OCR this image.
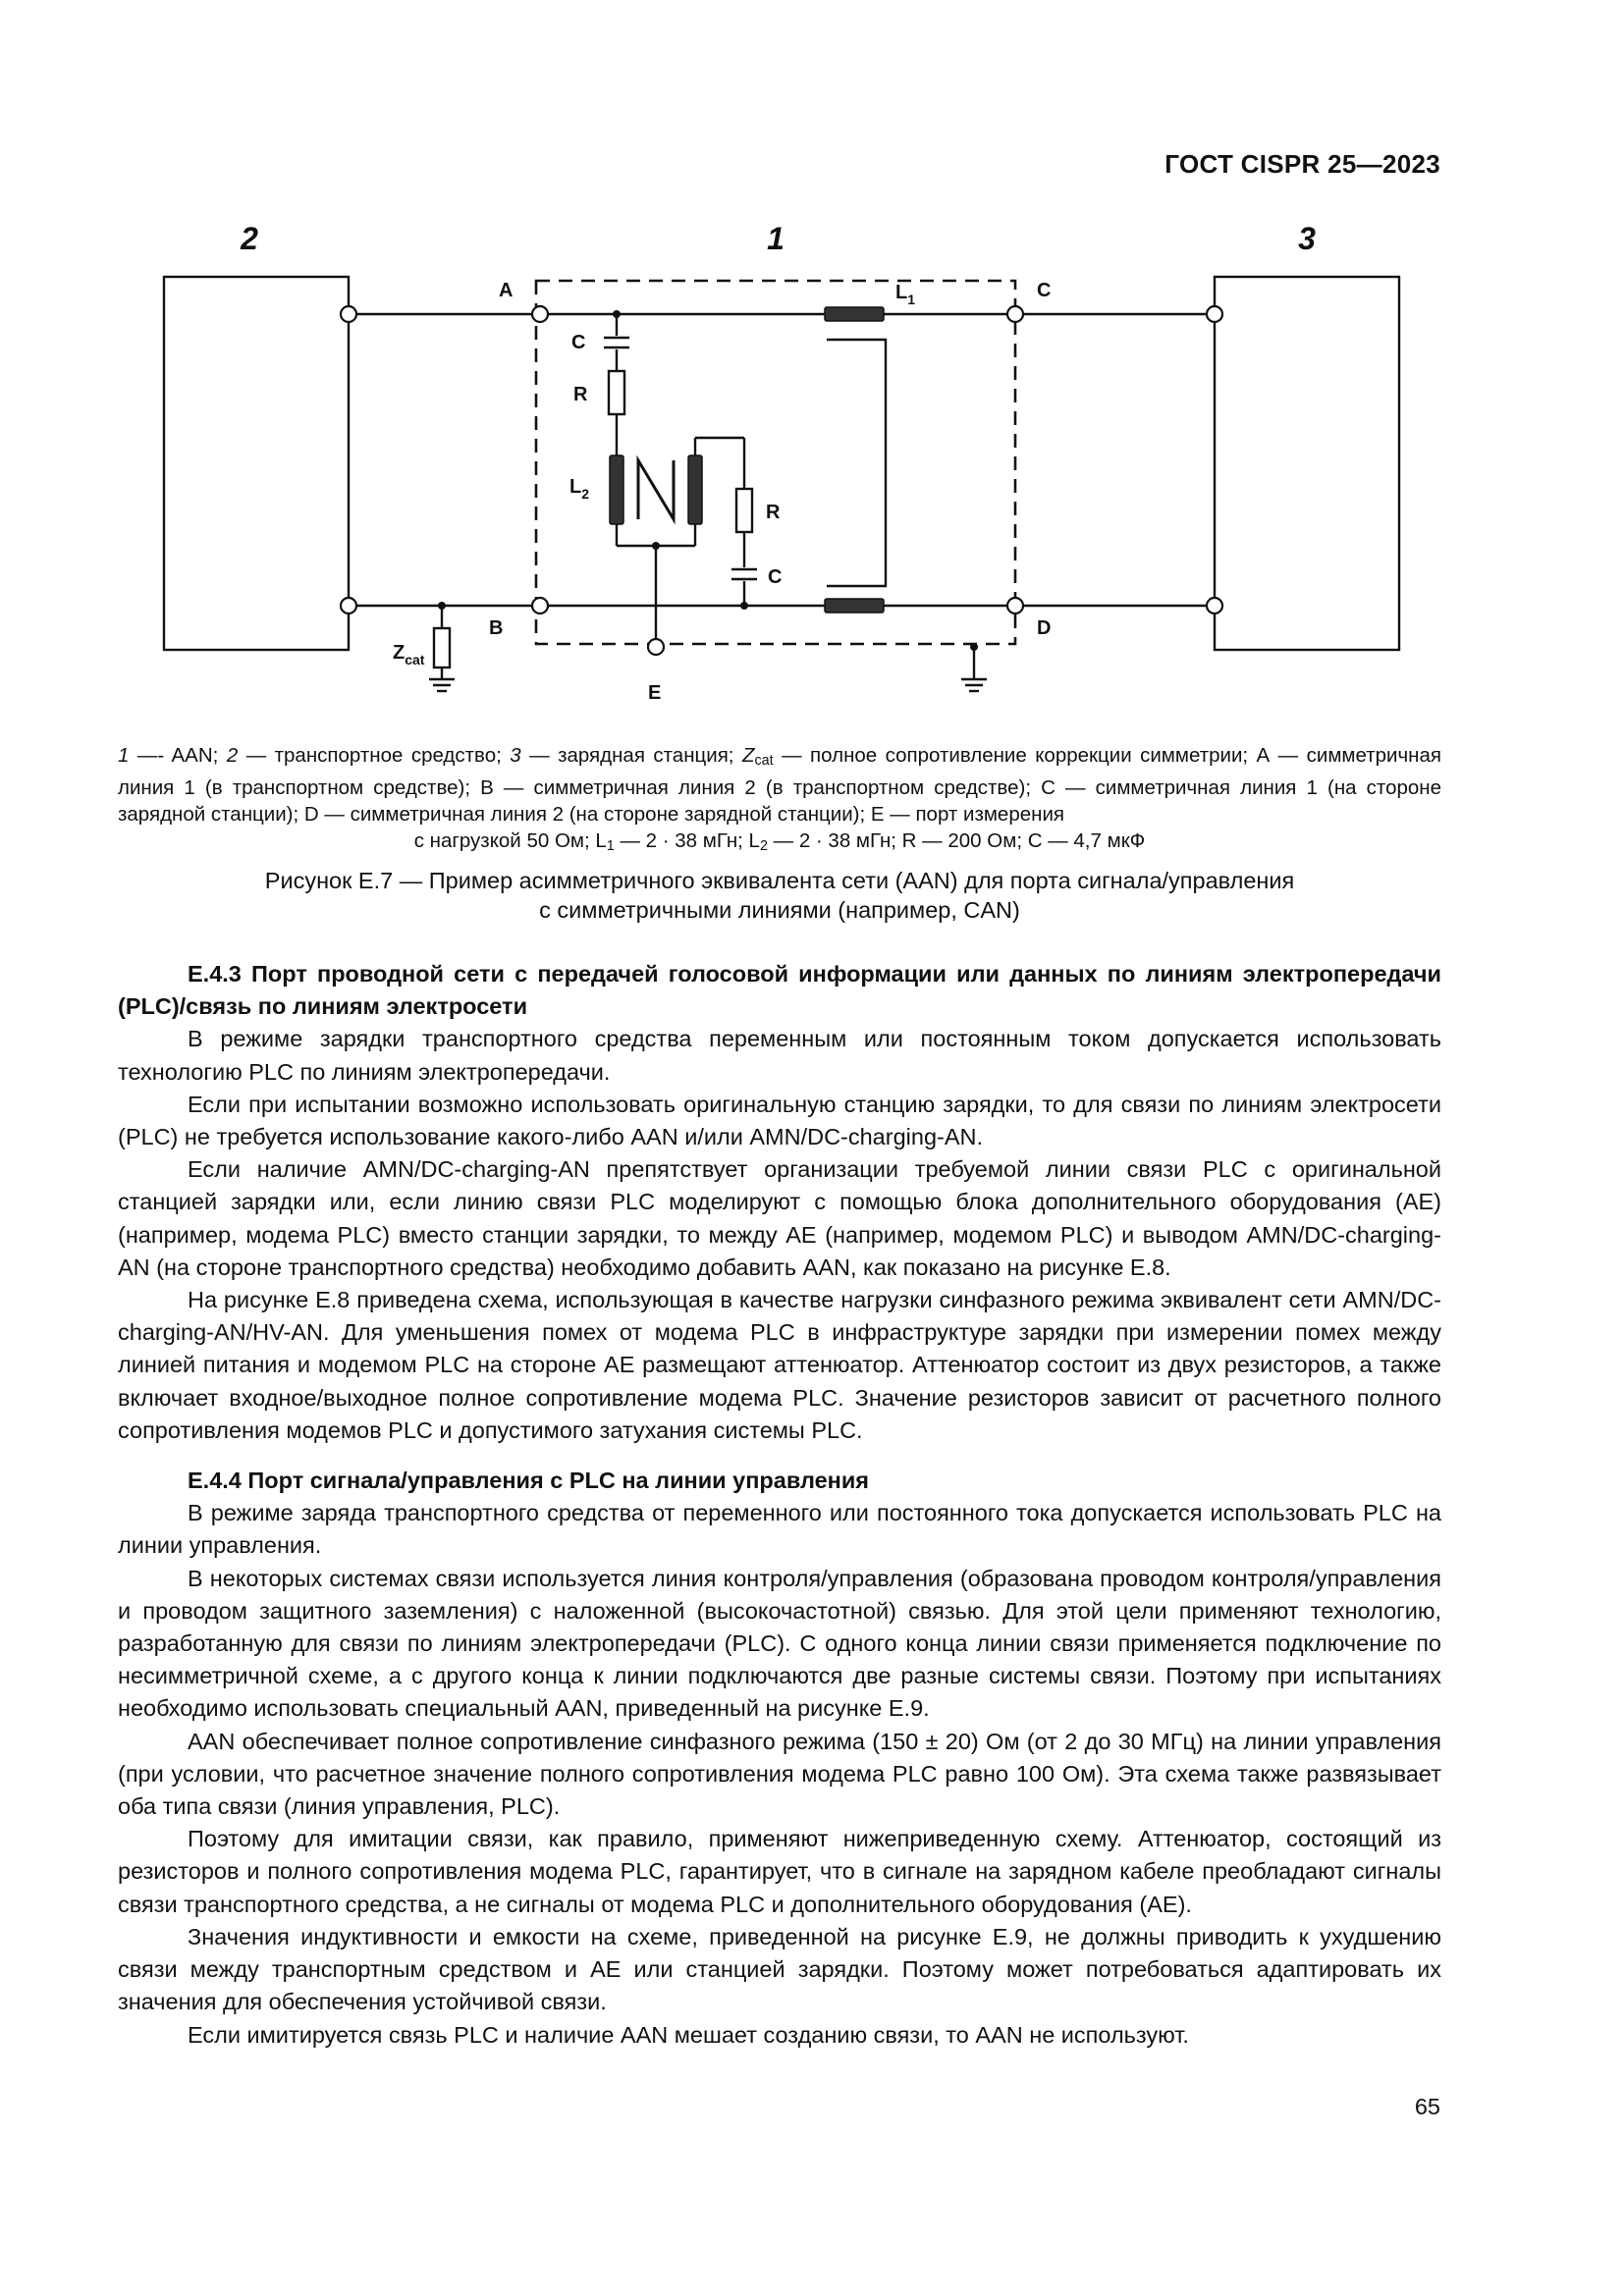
ГОСТ CISPR 25—2023
2	1	3
A
B
C
D
E
C
R
R
C
$L_2$
$L_1$
$Z_{cat}$
1 —- AAN; 2 — транспортное средство; 3 — зарядная станция; $Z_{cat}$ — полное сопротивление коррекции симметрии; А — симметричная линия 1 (в транспортном средстве); В — симметричная линия 2 (в транспортном средстве); С — симметричная линия 1 (на стороне зарядной станции); D — симметричная линия 2 (на стороне зарядной станции); Е — порт измерения
с нагрузкой 50 Ом; $L_1$ — 2 · 38 мГн; $L_2$ — 2 · 38 мГн; R — 200 Ом; С — 4,7 мкФ
Рисунок Е.7 — Пример асимметричного эквивалента сети (AAN) для порта сигнала/управления
с симметричными линиями (например, CAN)

Е.4.3 Порт проводной сети с передачей голосовой информации или данных по линиям электропередачи (PLC)/связь по линиям электросети

В режиме зарядки транспортного средства переменным или постоянным током допускается использовать технологию PLC по линиям электропередачи.

Если при испытании возможно использовать оригинальную станцию зарядки, то для связи по линиям электросети (PLC) не требуется использование какого-либо AAN и/или AMN/DC-charging-AN.

Если наличие AMN/DC-charging-AN препятствует организации требуемой линии связи PLC с оригинальной станцией зарядки или, если линию связи PLC моделируют с помощью блока дополнительного оборудования (АЕ) (например, модема PLC) вместо станции зарядки, то между АЕ (например, модемом PLC) и выводом AMN/DC-charging-AN (на стороне транспортного средства) необходимо добавить AAN, как показано на рисунке Е.8.

На рисунке Е.8 приведена схема, использующая в качестве нагрузки синфазного режима эквивалент сети AMN/DC-charging-AN/HV-AN. Для уменьшения помех от модема PLC в инфраструктуре зарядки при измерении помех между линией питания и модемом PLC на стороне АЕ размещают аттенюатор. Аттенюатор состоит из двух резисторов, а также включает входное/выходное полное сопротивление модема PLC. Значение резисторов зависит от расчетного полного сопротивления модемов PLC и допустимого затухания системы PLC.

Е.4.4 Порт сигнала/управления с PLC на линии управления

В режиме заряда транспортного средства от переменного или постоянного тока допускается использовать PLC на линии управления.

В некоторых системах связи используется линия контроля/управления (образована проводом контроля/управления и проводом защитного заземления) с наложенной (высокочастотной) связью. Для этой цели применяют технологию, разработанную для связи по линиям электропередачи (PLC). С одного конца линии связи применяется подключение по несимметричной схеме, а с другого конца к линии подключаются две разные системы связи. Поэтому при испытаниях необходимо использовать специальный AAN, приведенный на рисунке Е.9.

AAN обеспечивает полное сопротивление синфазного режима (150 ± 20) Ом (от 2 до 30 МГц) на линии управления (при условии, что расчетное значение полного сопротивления модема PLC равно 100 Ом). Эта схема также развязывает оба типа связи (линия управления, PLC).

Поэтому для имитации связи, как правило, применяют нижеприведенную схему. Аттенюатор, состоящий из резисторов и полного сопротивления модема PLC, гарантирует, что в сигнале на зарядном кабеле преобладают сигналы связи транспортного средства, а не сигналы от модема PLC и дополнительного оборудования (АЕ).

Значения индуктивности и емкости на схеме, приведенной на рисунке Е.9, не должны приводить к ухудшению связи между транспортным средством и АЕ или станцией зарядки. Поэтому может потребоваться адаптировать их значения для обеспечения устойчивой связи.

Если имитируется связь PLC и наличие AAN мешает созданию связи, то AAN не используют.

65
